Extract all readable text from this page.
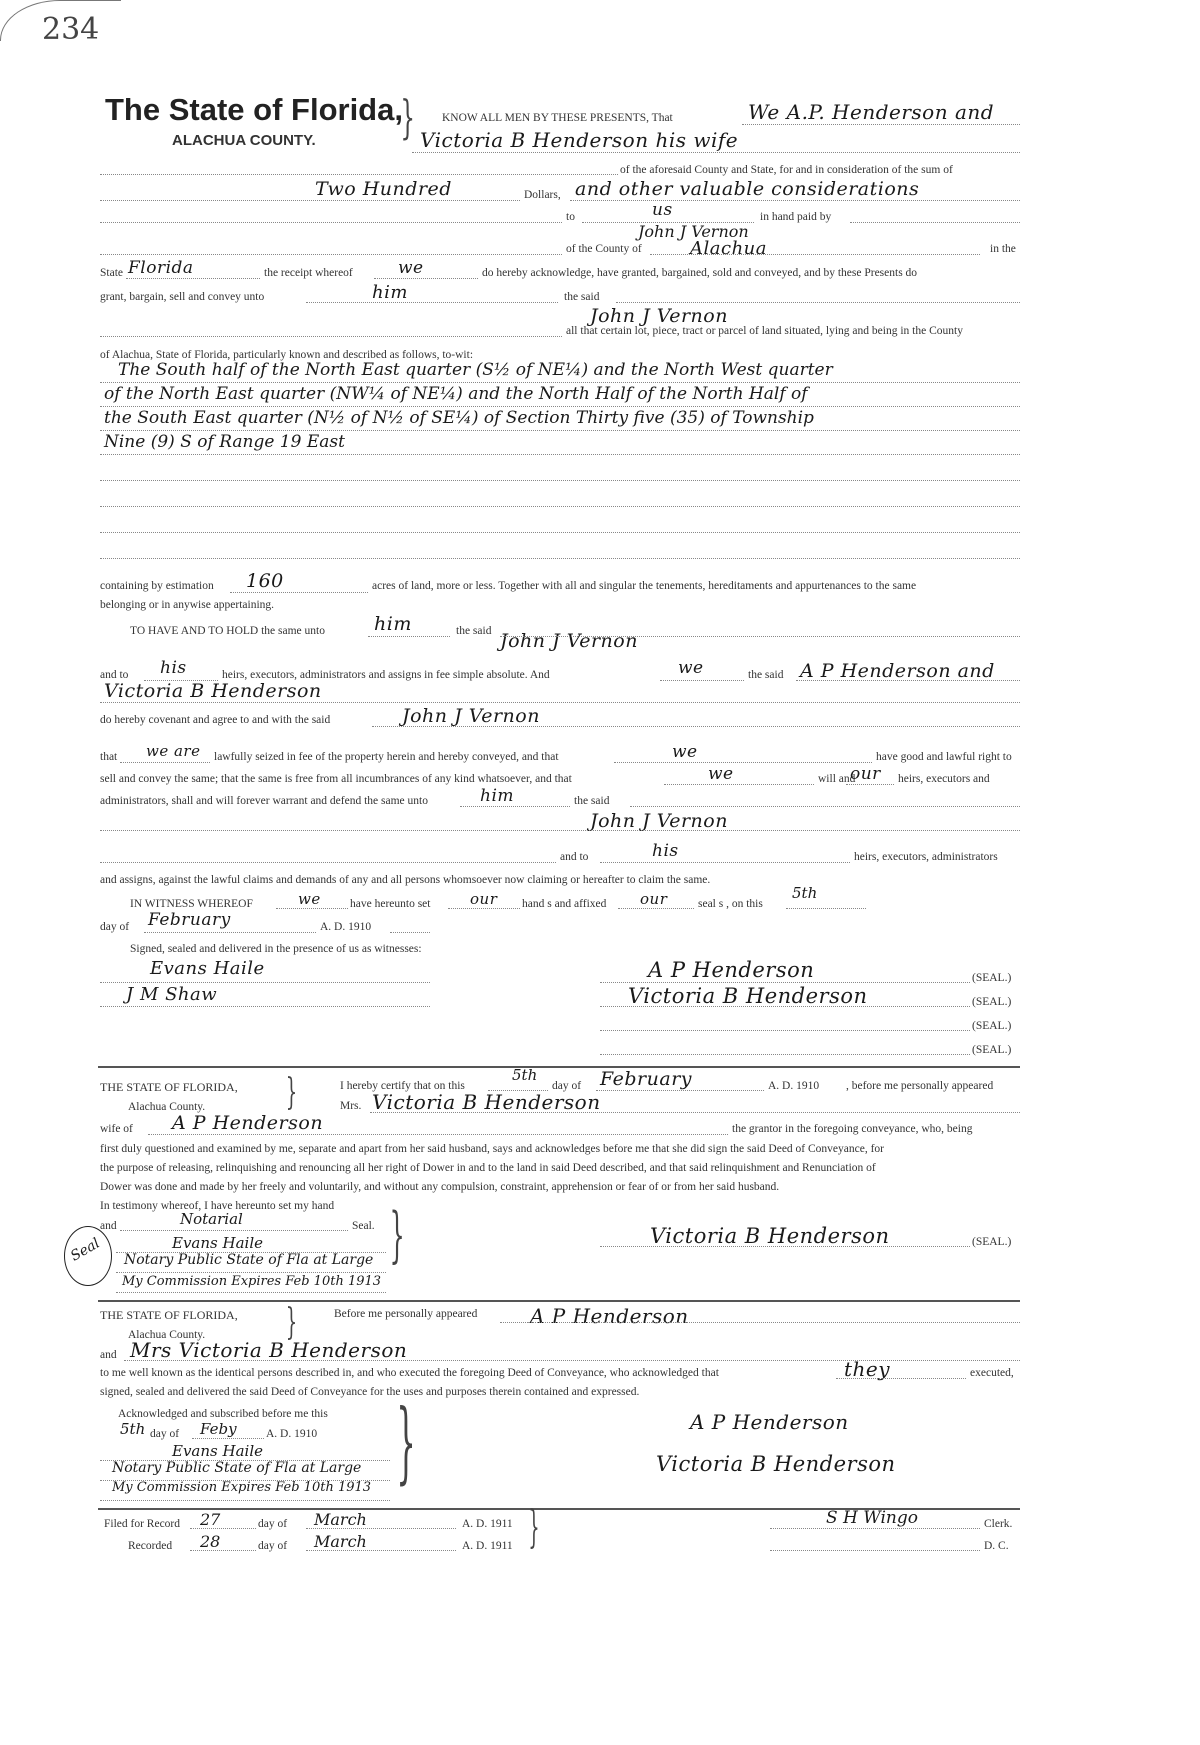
234
The State of Florida,
ALACHUA COUNTY. } KNOW ALL MEN BY THESE PRESENTS, That	We A.P. Henderson and
Victoria B Henderson his wife
of the aforesaid County and State, for and in consideration of the sum of
Two Hundred	Dollars, and other valuable considerations
to	us	in hand paid by
John J Vernon
of the County of	Alachua	in the
State Florida	the receipt whereof	we	do hereby acknowledge, have granted, bargained, sold and conveyed, and by these Presents do
grant, bargain, sell and convey unto	him	the said
John J Vernon
all that certain lot, piece, tract or parcel of land situated, lying and being in the County
of Alachua, State of Florida, particularly known and described as follows, to-wit:
The South half of the North East quarter (S½ of NE¼) and the North West quarter
of the North East quarter (NW¼ of NE¼) and the North Half of the North Half of
the South East quarter (N½ of N½ of SE¼) of Section Thirty five (35) of Township
Nine (9) S of Range 19 East
containing by estimation 160	acres of land, more or less. Together with all and singular the tenements, hereditaments and appurtenances to the same
belonging or in anywise appertaining.
TO HAVE AND TO HOLD the same unto	him	the said John J Vernon
and to his	heirs, executors, administrators and assigns in fee simple absolute. And	we	the said A P Henderson and
Victoria B Henderson
do hereby covenant and agree to and with the said	John J Vernon
that we are lawfully seized in fee of the property herein and hereby conveyed, and that	we	have good and lawful right to
sell and convey the same; that the same is free from all incumbrances of any kind whatsoever, and that	we	will and
our heirs, executors and
administrators, shall and will forever warrant and defend the same unto	him	the said
John J Vernon
and to	his	heirs, executors, administrators
and assigns, against the lawful claims and demands of any and all persons whomsoever now claiming or hereafter to claim the same.
IN WITNESS WHEREOF	we	have hereunto set	our hand s and affixed our	seal s , on this
5th
day of February	A. D. 1910
Signed, sealed and delivered in the presence of us as witnesses:
Evans Haile
J M Shaw
A P Henderson	(SEAL.)
Victoria B Henderson	(SEAL.)
(SEAL.)
(SEAL.)
THE STATE OF FLORIDA,
Alachua County. }	I hereby certify that on this
5th
day of February	A. D. 1910 , before me personally appeared
Mrs. Victoria B Henderson
wife of A P Henderson	the grantor in the foregoing conveyance, who, being
first duly questioned and examined by me, separate and apart from her said husband, says and acknowledges before me that she did sign the said Deed of Conveyance, for
the purpose of releasing, relinquishing and renouncing all her right of Dower in and to the land in said Deed described, and that said relinquishment and Renunciation of
Dower was done and made by her freely and voluntarily, and without any compulsion, constraint, apprehension or fear of or from her said husband.
In testimony whereof, I have hereunto set my hand
and	Notarial	Seal. }
Seal	Evans Haile
Notary Public State of Fla at Large
My Commission Expires Feb 10th 1913
Victoria B Henderson	(SEAL.)
THE STATE OF FLORIDA,
Alachua County. }	Before me personally appeared	A P Henderson
and Mrs Victoria B Henderson
to me well known as the identical persons described in, and who executed the foregoing Deed of Conveyance, who acknowledged that	they	executed,
signed, sealed and delivered the said Deed of Conveyance for the uses and purposes therein contained and expressed.
Acknowledged and subscribed before me this }
5th day of Feby	A. D. 1910
Evans Haile
Notary Public State of Fla at Large
My Commission Expires Feb 10th 1913
A P Henderson
Victoria B Henderson
Filed for Record 27	day of March	A. D. 1911 }
Recorded 28	day of March	A. D. 1911
S H Wingo	Clerk.
D. C.
